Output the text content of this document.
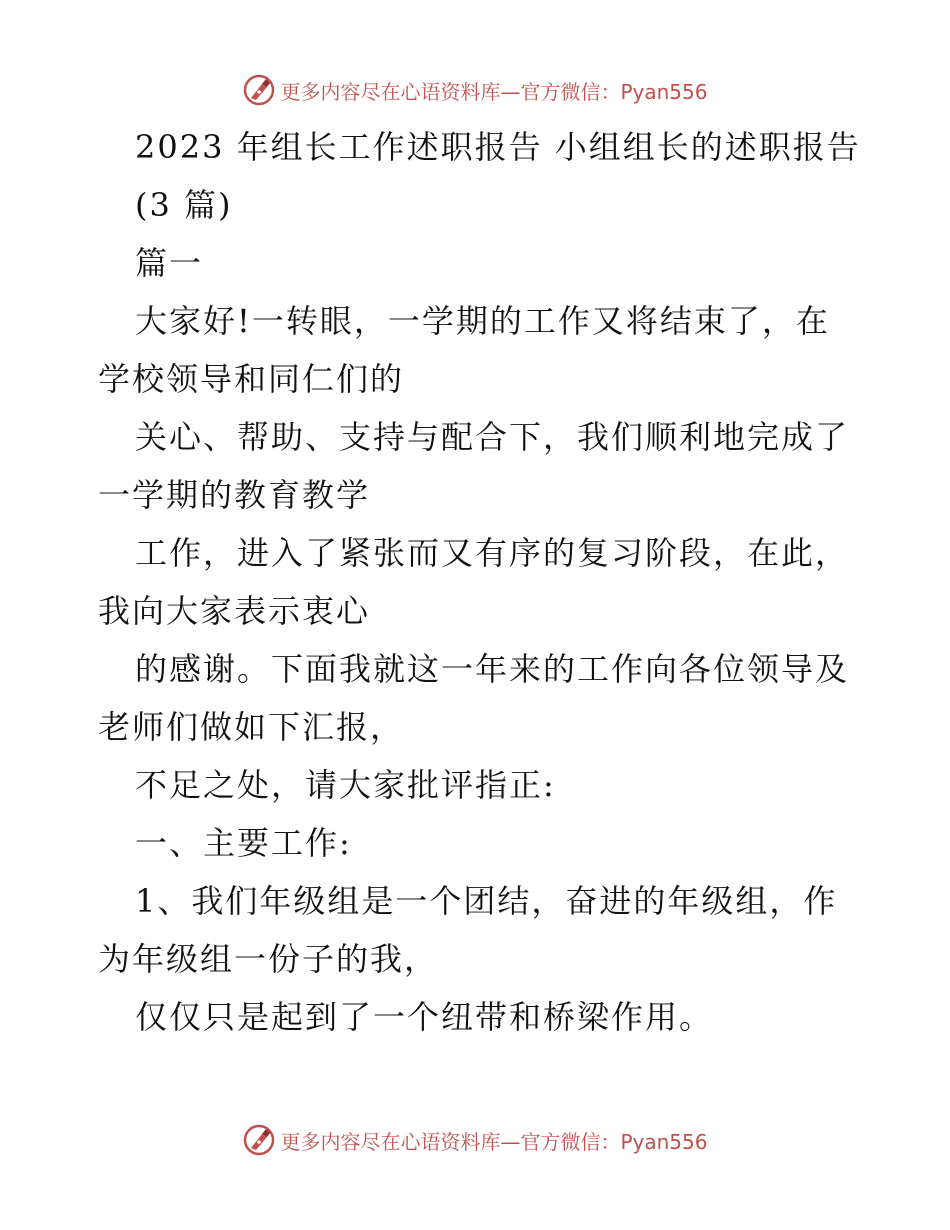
更多内容尽在心语资料库—官方微信：Pyan556
2023 年组长工作述职报告 小组组长的述职报告
(3 篇)
篇一
大家好!一转眼，一学期的工作又将结束了，在
学校领导和同仁们的
关心、帮助、支持与配合下，我们顺利地完成了
一学期的教育教学
工作，进入了紧张而又有序的复习阶段，在此，
我向大家表示衷心
的感谢。下面我就这一年来的工作向各位领导及
老师们做如下汇报，
不足之处，请大家批评指正:
一、主要工作:
1、我们年级组是一个团结，奋进的年级组，作
为年级组一份子的我，
仅仅只是起到了一个纽带和桥梁作用。
更多内容尽在心语资料库—官方微信：Pyan556
